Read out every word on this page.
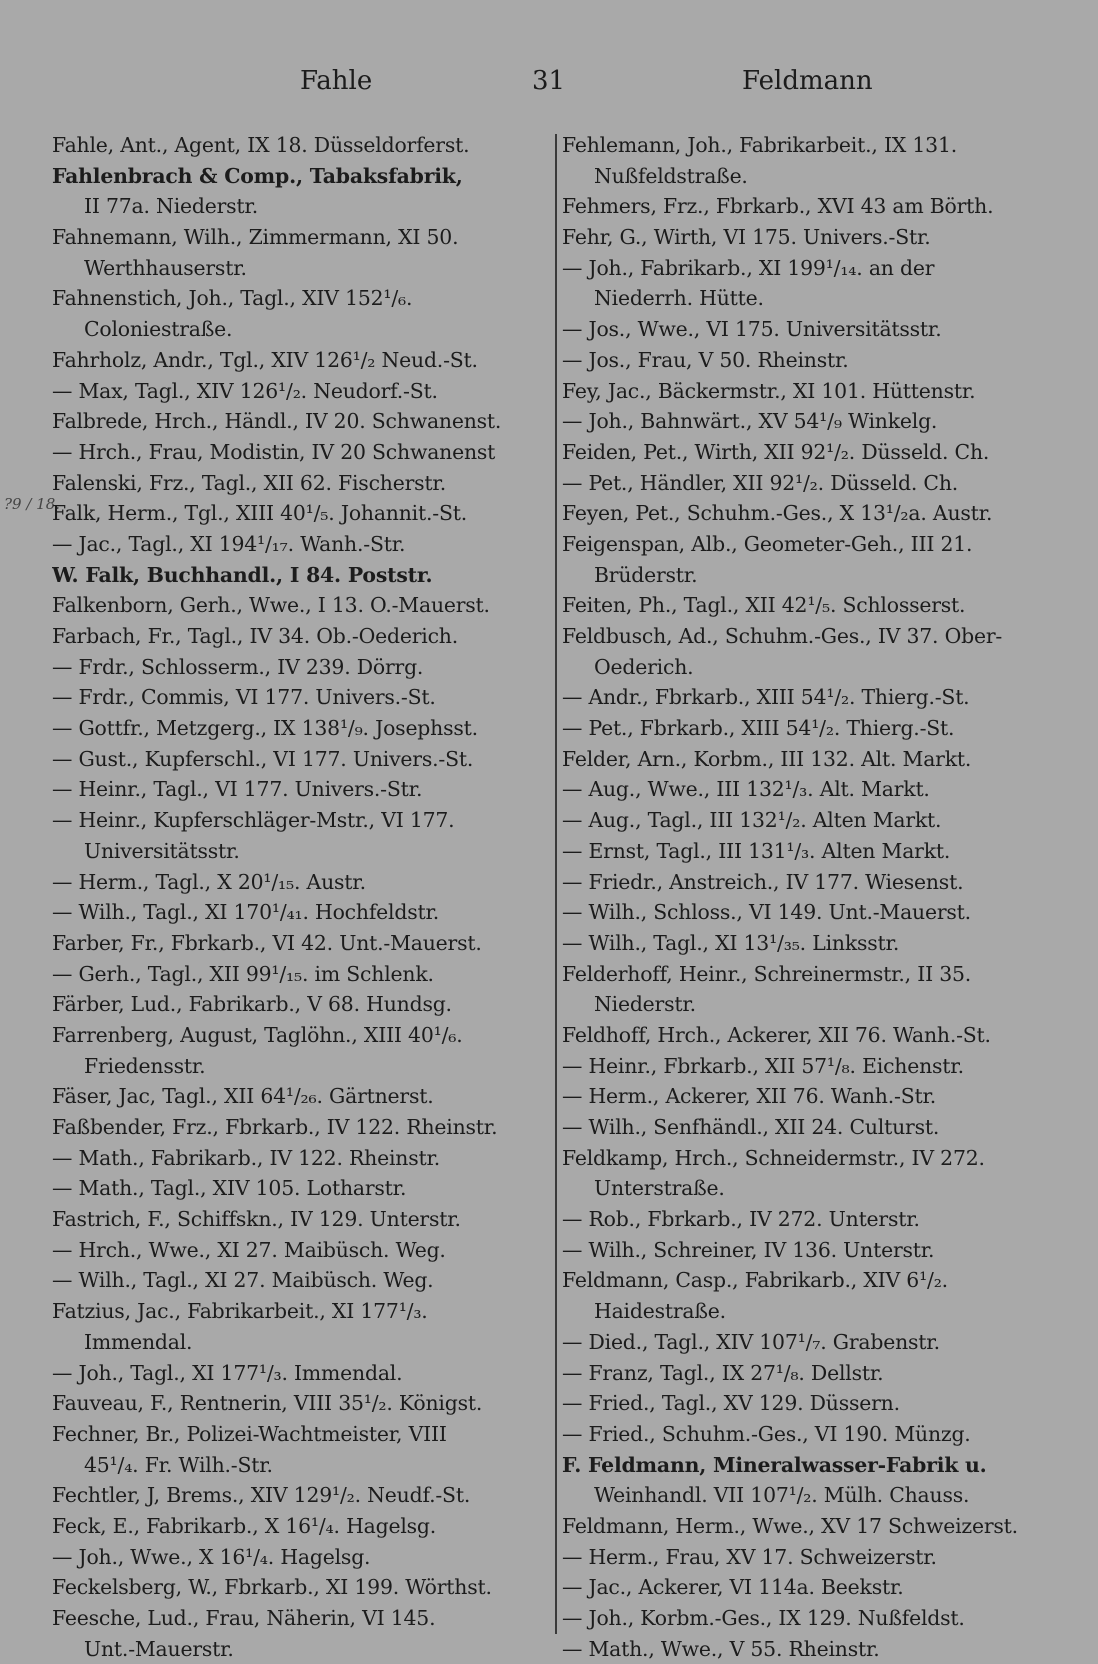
Fahle	31	Feldmann
?9 / 18.
Fahle, Ant., Agent, IX 18. Düsseldorferst.
Fahlenbrach & Comp., Tabaksfabrik,
II 77a. Niederstr.
Fahnemann, Wilh., Zimmermann, XI 50.
Werthhauserstr.
Fahnenstich, Joh., Tagl., XIV 152¹/₆.
Coloniestraße.
Fahrholz, Andr., Tgl., XIV 126¹/₂ Neud.-St.
— Max, Tagl., XIV 126¹/₂. Neudorf.-St.
Falbrede, Hrch., Händl., IV 20. Schwanenst.
— Hrch., Frau, Modistin, IV 20 Schwanenst
Falenski, Frz., Tagl., XII 62. Fischerstr.
Falk, Herm., Tgl., XIII 40¹/₅. Johannit.-St.
— Jac., Tagl., XI 194¹/₁₇. Wanh.-Str.
W. Falk, Buchhandl., I 84. Poststr.
Falkenborn, Gerh., Wwe., I 13. O.-Mauerst.
Farbach, Fr., Tagl., IV 34. Ob.-Oederich.
— Frdr., Schlosserm., IV 239. Dörrg.
— Frdr., Commis, VI 177. Univers.-St.
— Gottfr., Metzgerg., IX 138¹/₉. Josephsst.
— Gust., Kupferschl., VI 177. Univers.-St.
— Heinr., Tagl., VI 177. Univers.-Str.
— Heinr., Kupferschläger-Mstr., VI 177.
Universitätsstr.
— Herm., Tagl., X 20¹/₁₅. Austr.
— Wilh., Tagl., XI 170¹/₄₁. Hochfeldstr.
Farber, Fr., Fbrkarb., VI 42. Unt.-Mauerst.
— Gerh., Tagl., XII 99¹/₁₅. im Schlenk.
Färber, Lud., Fabrikarb., V 68. Hundsg.
Farrenberg, August, Taglöhn., XIII 40¹/₆.
Friedensstr.
Fäser, Jac, Tagl., XII 64¹/₂₆. Gärtnerst.
Faßbender, Frz., Fbrkarb., IV 122. Rheinstr.
— Math., Fabrikarb., IV 122. Rheinstr.
— Math., Tagl., XIV 105. Lotharstr.
Fastrich, F., Schiffskn., IV 129. Unterstr.
— Hrch., Wwe., XI 27. Maibüsch. Weg.
— Wilh., Tagl., XI 27. Maibüsch. Weg.
Fatzius, Jac., Fabrikarbeit., XI 177¹/₃.
Immendal.
— Joh., Tagl., XI 177¹/₃. Immendal.
Fauveau, F., Rentnerin, VIII 35¹/₂. Königst.
Fechner, Br., Polizei-Wachtmeister, VIII
45¹/₄. Fr. Wilh.-Str.
Fechtler, J, Brems., XIV 129¹/₂. Neudf.-St.
Feck, E., Fabrikarb., X 16¹/₄. Hagelsg.
— Joh., Wwe., X 16¹/₄. Hagelsg.
Feckelsberg, W., Fbrkarb., XI 199. Wörthst.
Feesche, Lud., Frau, Näherin, VI 145.
Unt.-Mauerstr.
Fehlemann, Joh., Fabrikarbeit., IX 131.
Nußfeldstraße.
Fehmers, Frz., Fbrkarb., XVI 43 am Börth.
Fehr, G., Wirth, VI 175. Univers.-Str.
— Joh., Fabrikarb., XI 199¹/₁₄. an der
Niederrh. Hütte.
— Jos., Wwe., VI 175. Universitätsstr.
— Jos., Frau, V 50. Rheinstr.
Fey, Jac., Bäckermstr., XI 101. Hüttenstr.
— Joh., Bahnwärt., XV 54¹/₉ Winkelg.
Feiden, Pet., Wirth, XII 92¹/₂. Düsseld. Ch.
— Pet., Händler, XII 92¹/₂. Düsseld. Ch.
Feyen, Pet., Schuhm.-Ges., X 13¹/₂a. Austr.
Feigenspan, Alb., Geometer-Geh., III 21.
Brüderstr.
Feiten, Ph., Tagl., XII 42¹/₅. Schlosserst.
Feldbusch, Ad., Schuhm.-Ges., IV 37. Ober-
Oederich.
— Andr., Fbrkarb., XIII 54¹/₂. Thierg.-St.
— Pet., Fbrkarb., XIII 54¹/₂. Thierg.-St.
Felder, Arn., Korbm., III 132. Alt. Markt.
— Aug., Wwe., III 132¹/₃. Alt. Markt.
— Aug., Tagl., III 132¹/₂. Alten Markt.
— Ernst, Tagl., III 131¹/₃. Alten Markt.
— Friedr., Anstreich., IV 177. Wiesenst.
— Wilh., Schloss., VI 149. Unt.-Mauerst.
— Wilh., Tagl., XI 13¹/₃₅. Linksstr.
Felderhoff, Heinr., Schreinermstr., II 35.
Niederstr.
Feldhoff, Hrch., Ackerer, XII 76. Wanh.-St.
— Heinr., Fbrkarb., XII 57¹/₈. Eichenstr.
— Herm., Ackerer, XII 76. Wanh.-Str.
— Wilh., Senfhändl., XII 24. Culturst.
Feldkamp, Hrch., Schneidermstr., IV 272.
Unterstraße.
— Rob., Fbrkarb., IV 272. Unterstr.
— Wilh., Schreiner, IV 136. Unterstr.
Feldmann, Casp., Fabrikarb., XIV 6¹/₂.
Haidestraße.
— Died., Tagl., XIV 107¹/₇. Grabenstr.
— Franz, Tagl., IX 27¹/₈. Dellstr.
— Fried., Tagl., XV 129. Düssern.
— Fried., Schuhm.-Ges., VI 190. Münzg.
F. Feldmann, Mineralwasser-Fabrik u.
Weinhandl. VII 107¹/₂. Mülh. Chauss.
Feldmann, Herm., Wwe., XV 17 Schweizerst.
— Herm., Frau, XV 17. Schweizerstr.
— Jac., Ackerer, VI 114a. Beekstr.
— Joh., Korbm.-Ges., IX 129. Nußfeldst.
— Math., Wwe., V 55. Rheinstr.
